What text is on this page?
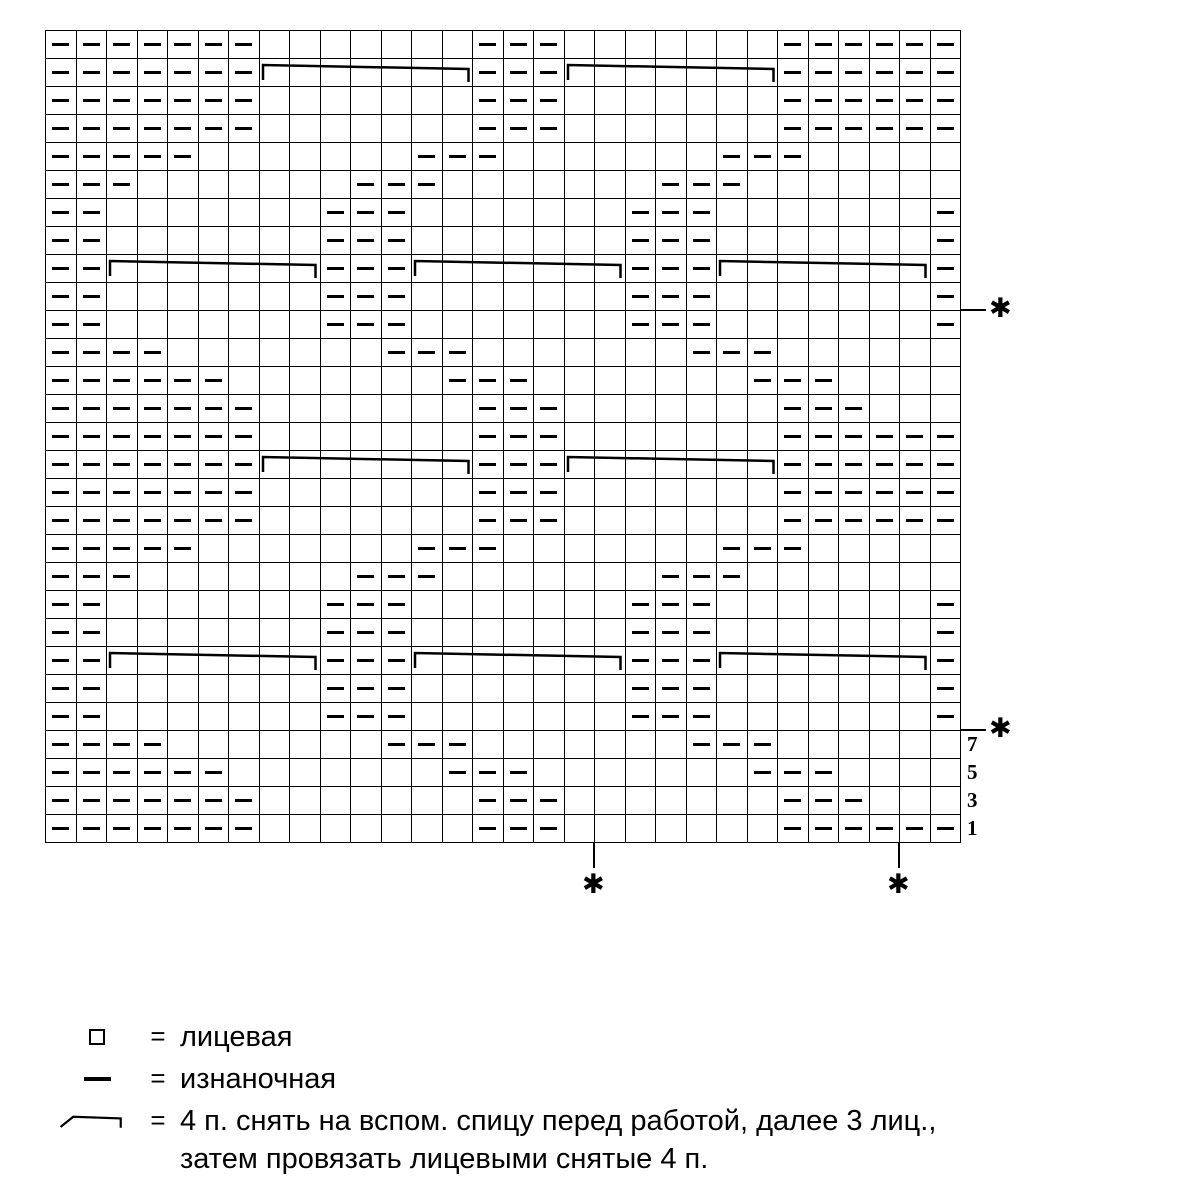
7
5
3
1
✱
✱
✱	✱
= лицевая
= изнаночная
= 4 п. снять на вспом. спицу перед работой, далее 3 лиц., затем провязать лицевыми снятые 4 п.
